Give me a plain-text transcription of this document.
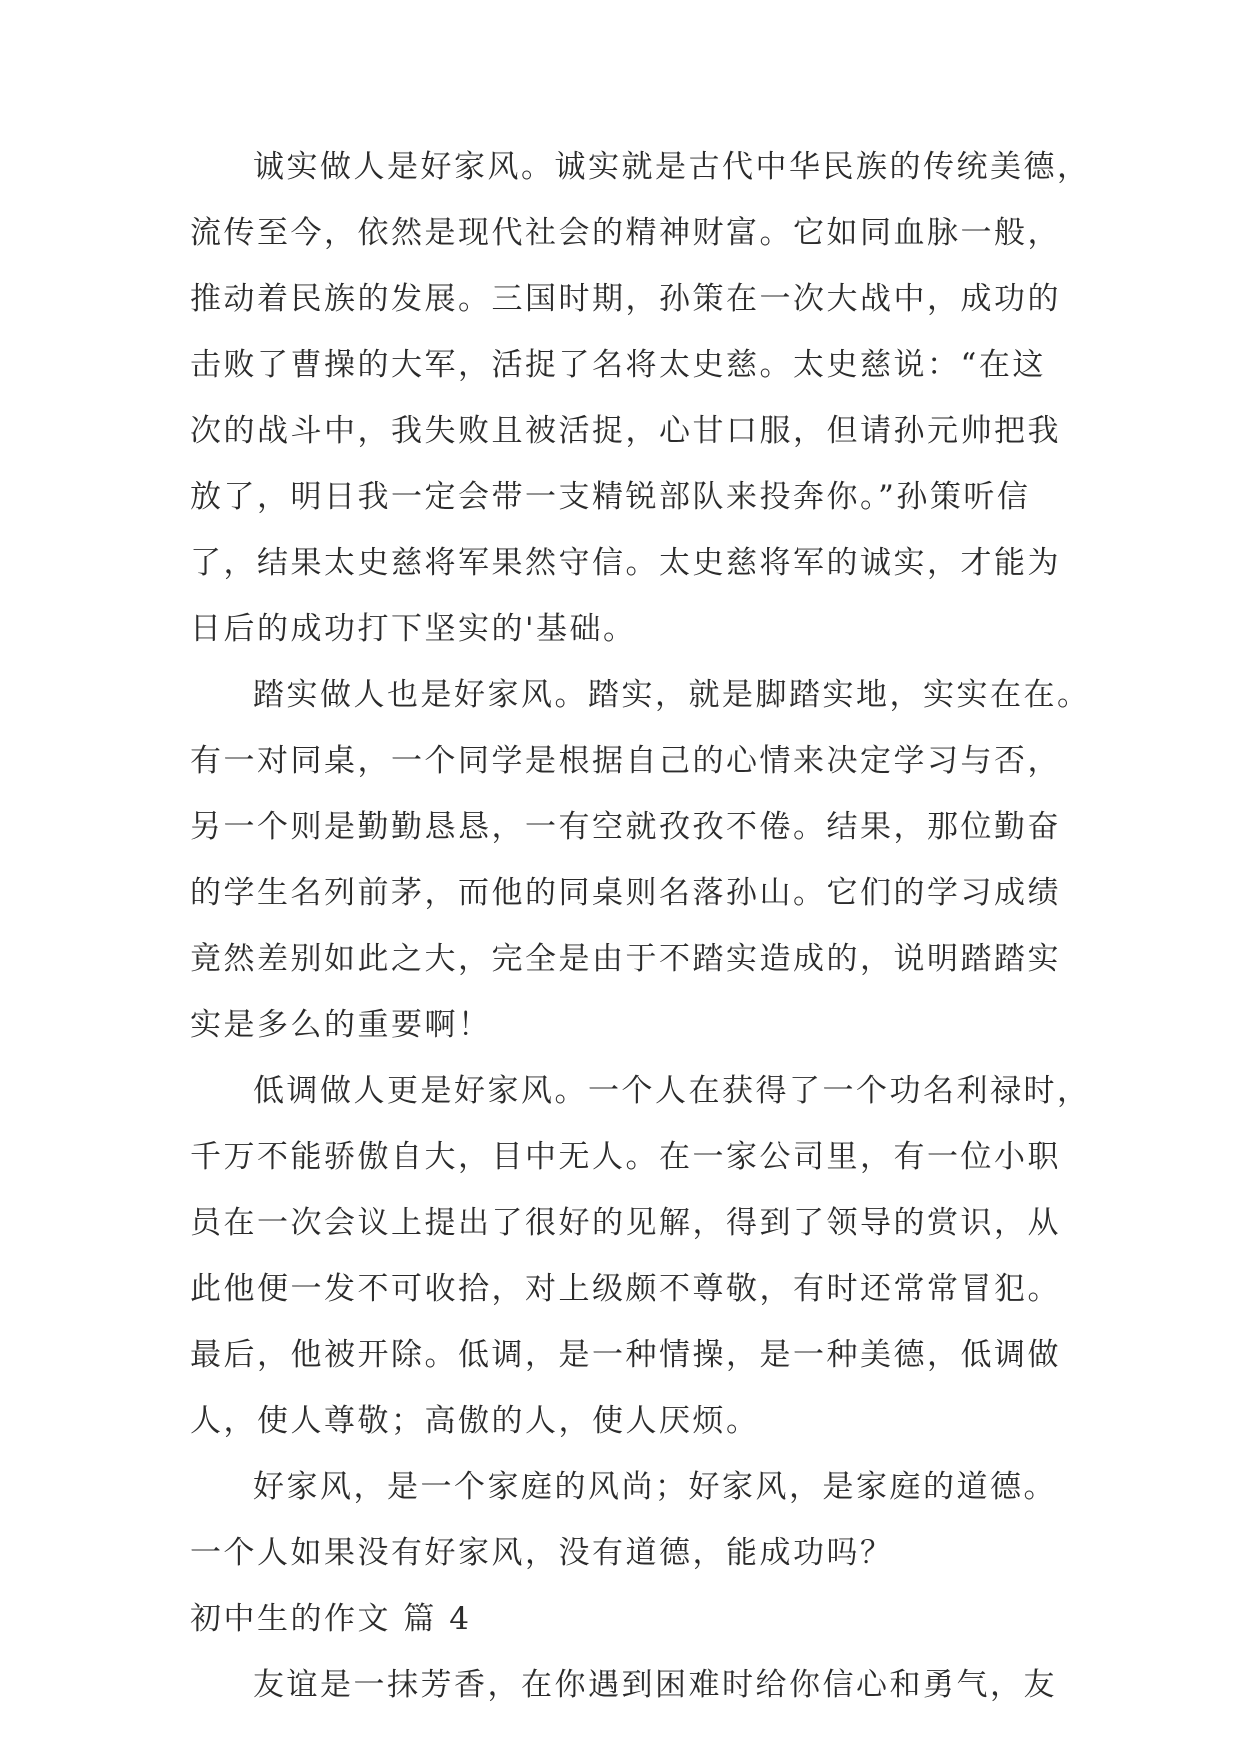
诚实做人是好家风。诚实就是古代中华民族的传统美德，
流传至今，依然是现代社会的精神财富。它如同血脉一般，
推动着民族的发展。三国时期，孙策在一次大战中，成功的
击败了曹操的大军，活捉了名将太史慈。太史慈说：“在这
次的战斗中，我失败且被活捉，心甘口服，但请孙元帅把我
放了，明日我一定会带一支精锐部队来投奔你。”孙策听信
了，结果太史慈将军果然守信。太史慈将军的诚实，才能为
日后的成功打下坚实的'基础。
踏实做人也是好家风。踏实，就是脚踏实地，实实在在。
有一对同桌，一个同学是根据自己的心情来决定学习与否，
另一个则是勤勤恳恳，一有空就孜孜不倦。结果，那位勤奋
的学生名列前茅，而他的同桌则名落孙山。它们的学习成绩
竟然差别如此之大，完全是由于不踏实造成的，说明踏踏实
实是多么的重要啊！
低调做人更是好家风。一个人在获得了一个功名利禄时，
千万不能骄傲自大，目中无人。在一家公司里，有一位小职
员在一次会议上提出了很好的见解，得到了领导的赏识，从
此他便一发不可收拾，对上级颇不尊敬，有时还常常冒犯。
最后，他被开除。低调，是一种情操，是一种美德，低调做
人，使人尊敬；高傲的人，使人厌烦。
好家风，是一个家庭的风尚；好家风，是家庭的道德。
一个人如果没有好家风，没有道德，能成功吗？
初中生的作文 篇 4
友谊是一抹芳香，在你遇到困难时给你信心和勇气，友
